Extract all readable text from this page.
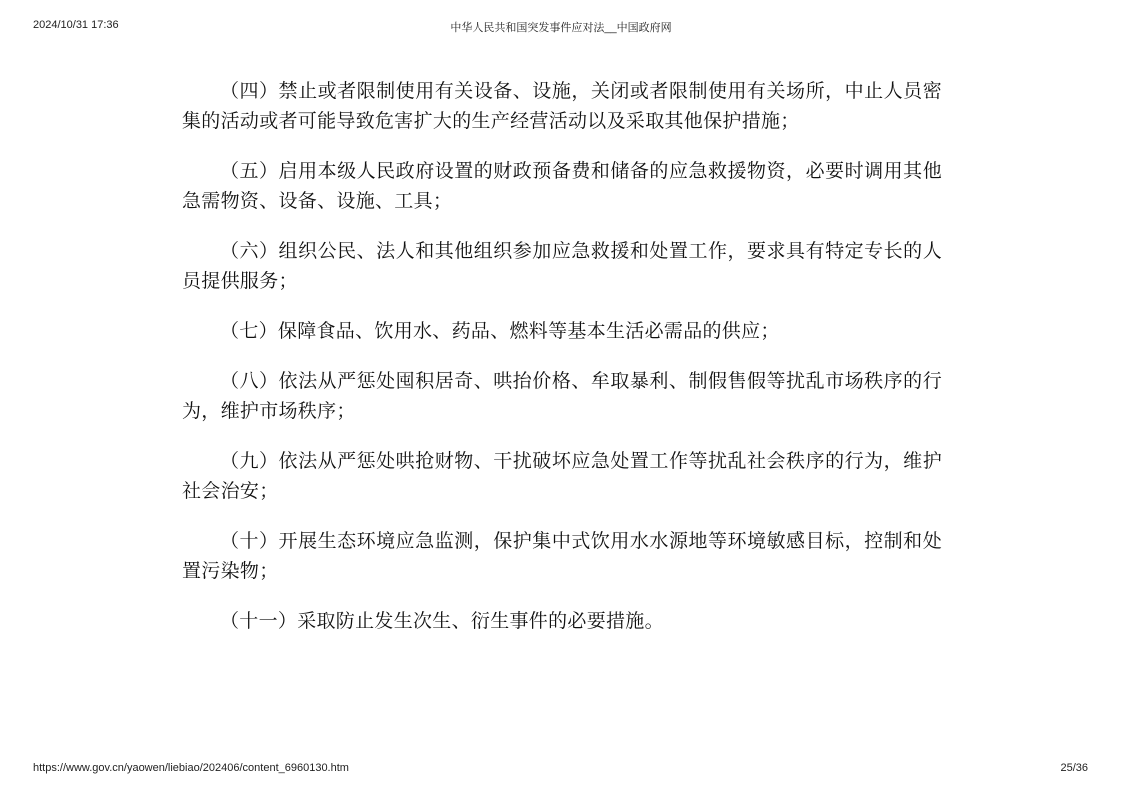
2024/10/31 17:36	中华人民共和国突发事件应对法__中国政府网

（四）禁止或者限制使用有关设备、设施，关闭或者限制使用有关场所，中止人员密集的活动或者可能导致危害扩大的生产经营活动以及采取其他保护措施；

（五）启用本级人民政府设置的财政预备费和储备的应急救援物资，必要时调用其他急需物资、设备、设施、工具；

（六）组织公民、法人和其他组织参加应急救援和处置工作，要求具有特定专长的人员提供服务；

（七）保障食品、饮用水、药品、燃料等基本生活必需品的供应；

（八）依法从严惩处囤积居奇、哄抬价格、牟取暴利、制假售假等扰乱市场秩序的行为，维护市场秩序；

（九）依法从严惩处哄抢财物、干扰破坏应急处置工作等扰乱社会秩序的行为，维护社会治安；

（十）开展生态环境应急监测，保护集中式饮用水水源地等环境敏感目标，控制和处置污染物；

（十一）采取防止发生次生、衍生事件的必要措施。

https://www.gov.cn/yaowen/liebiao/202406/content_6960130.htm	25/36
